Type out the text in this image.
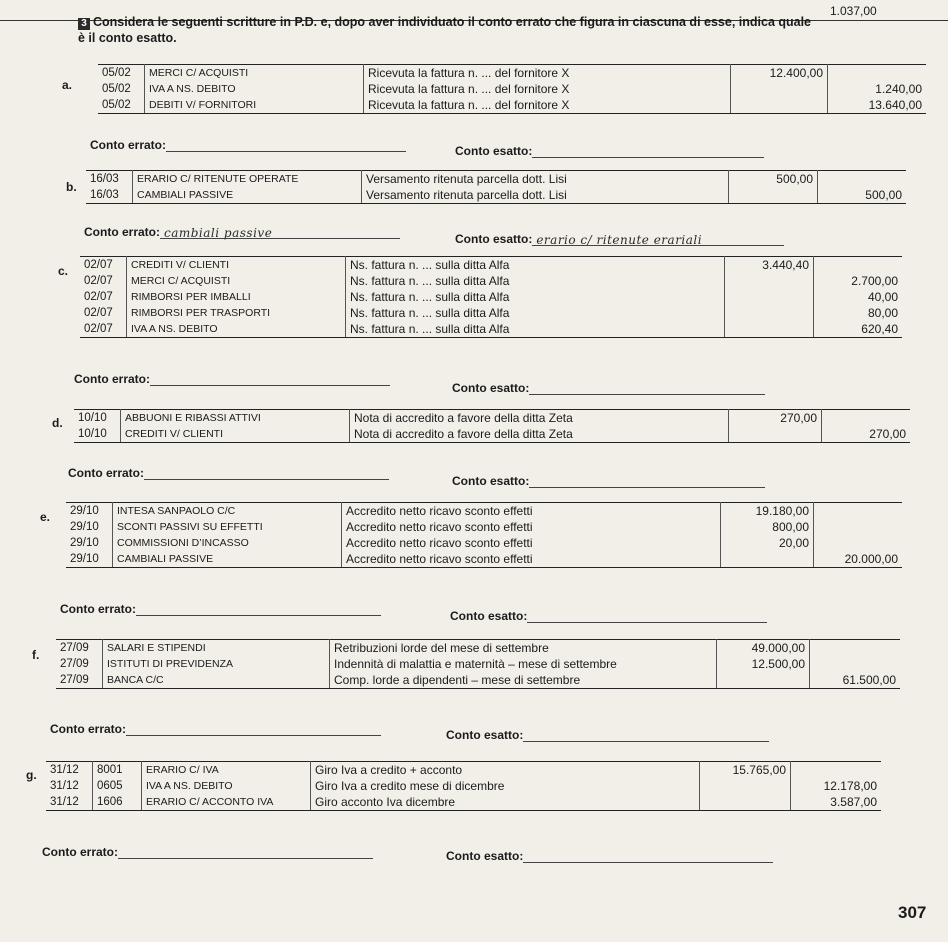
1.037,00
3 Considera le seguenti scritture in P.D. e, dopo aver individuato il conto errato che figura in ciascuna di esse, indica quale è il conto esatto.
a.
05/02	MERCI C/ ACQUISTI	Ricevuta la fattura n. ... del fornitore X	12.400,00	
05/02	IVA A NS. DEBITO	Ricevuta la fattura n. ... del fornitore X		1.240,00
05/02	DEBITI V/ FORNITORI	Ricevuta la fattura n. ... del fornitore X		13.640,00
Conto errato:	Conto esatto:
b.
16/03	ERARIO C/ RITENUTE OPERATE	Versamento ritenuta parcella dott. Lisi	500,00	
16/03	CAMBIALI PASSIVE	Versamento ritenuta parcella dott. Lisi		500,00
Conto errato: cambiali passive	Conto esatto: erario c/ ritenute erariali
c. 02/07	CREDITI V/ CLIENTI	Ns. fattura n. ... sulla ditta Alfa	3.440,40	
02/07	MERCI C/ ACQUISTI	Ns. fattura n. ... sulla ditta Alfa		2.700,00
02/07	RIMBORSI PER IMBALLI	Ns. fattura n. ... sulla ditta Alfa		40,00
02/07	RIMBORSI PER TRASPORTI	Ns. fattura n. ... sulla ditta Alfa		80,00
02/07	IVA A NS. DEBITO	Ns. fattura n. ... sulla ditta Alfa		620,40
Conto errato:
Conto esatto:
d. 10/10	ABBUONI E RIBASSI ATTIVI	Nota di accredito a favore della ditta Zeta	270,00	
10/10	CREDITI V/ CLIENTI	Nota di accredito a favore della ditta Zeta		270,00
Conto errato:
Conto esatto:
e. 29/10	INTESA SANPAOLO C/C	Accredito netto ricavo sconto effetti	19.180,00	
29/10	SCONTI PASSIVI SU EFFETTI	Accredito netto ricavo sconto effetti	800,00	
29/10	COMMISSIONI D’INCASSO	Accredito netto ricavo sconto effetti	20,00	
29/10	CAMBIALI PASSIVE	Accredito netto ricavo sconto effetti		20.000,00
Conto errato:	Conto esatto:
f. 27/09	SALARI E STIPENDI	Retribuzioni lorde del mese di settembre	49.000,00	
27/09	ISTITUTI DI PREVIDENZA	Indennità di malattia e maternità – mese di settembre	12.500,00	
27/09	BANCA C/C	Comp. lorde a dipendenti – mese di settembre		61.500,00
Conto errato:	Conto esatto:
g. 31/12	8001	ERARIO C/ IVA	Giro Iva a credito + acconto	15.765,00	
31/12	0605	IVA A NS. DEBITO	Giro Iva a credito mese di dicembre		12.178,00
31/12	1606	ERARIO C/ ACCONTO IVA	Giro acconto Iva dicembre		3.587,00
Conto errato:	Conto esatto:
307
